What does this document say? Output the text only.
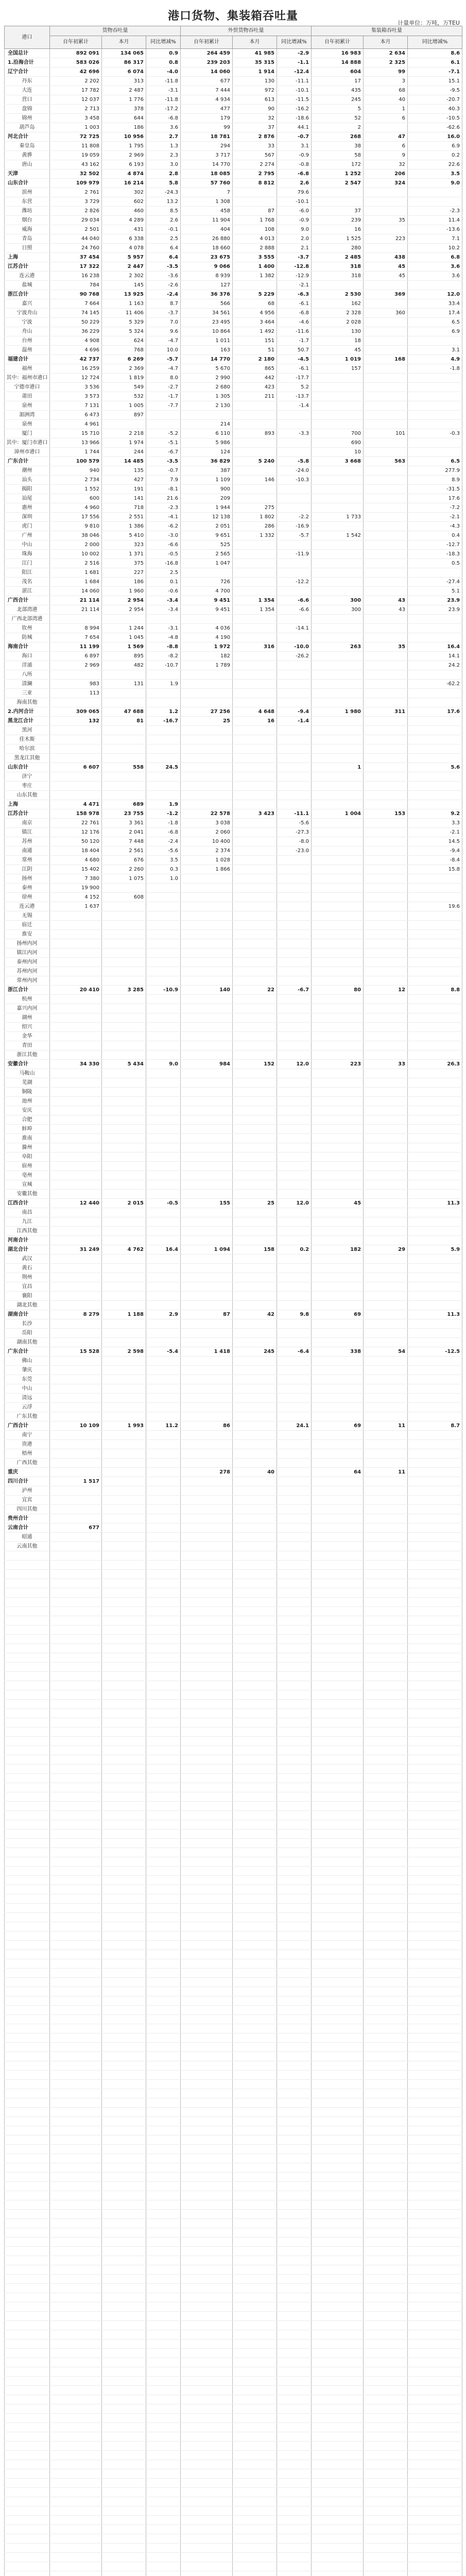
港口货物、集装箱吞吐量
计量单位：万吨，万TEU
港口	货物吞吐量			外贸货物吞吐量			集装箱吞吐量		
	自年初累计	本月	同比增减%	自年初累计	本月	同比增减%	自年初累计	本月	同比增减%
全国总计	892 091	134 065	0.9	264 459	41 985	-2.9	16 983	2 634	8.6
1.沿海合计	583 026	86 317	0.8	239 203	35 315	-1.1	14 888	2 325	6.1
辽宁合计	42 696	6 074	-4.0	14 060	1 914	-12.4	604	99	-7.1
丹东	2 202	313	-11.8	677	130	-11.1	17	3	15.1
大连	17 782	2 487	-3.1	7 444	972	-10.1	435	68	-9.5
营口	12 037	1 776	-11.8	4 934	613	-11.5	245	40	-20.7
盘锦	2 713	378	-17.2	477	90	-16.2	5	1	40.3
锦州	3 458	644	-6.8	179	32	-18.6	52	6	-10.5
葫芦岛	1 003	186	3.6	99	37	44.1	2		-62.6
河北合计	72 725	10 956	2.7	18 781	2 876	-0.7	268	47	16.0
秦皇岛	11 808	1 795	1.3	294	33	3.1	38	6	6.9
黄骅	19 059	2 969	2.3	3 717	567	-0.9	58	9	0.2
唐山	43 162	6 193	3.0	14 770	2 274	-0.8	172	32	22.6
天津	32 502	4 874	2.8	18 085	2 795	-6.8	1 252	206	3.5
山东合计	109 979	16 214	5.8	57 760	8 812	2.6	2 547	324	9.0
滨州	2 761	302	-24.3	7		79.6			
东营	3 729	602	13.2	1 308		-10.1			
潍坊	2 826	460	8.5	458	87	-6.0	37		-2.3
烟台	29 034	4 289	2.6	11 904	1 768	-0.9	239	35	11.4
威海	2 501	431	-0.1	404	108	9.0	16		-13.6
青岛	44 040	6 338	2.5	26 880	4 013	2.0	1 525	223	7.1
日照	24 760	4 078	6.4	18 660	2 888	2.1	280		10.2
上海	37 454	5 957	6.4	23 675	3 555	-3.7	2 485	438	6.8
江苏合计	17 322	2 447	-3.5	9 066	1 400	-12.8	318	45	3.6
连云港	16 238	2 302	-3.6	8 939	1 382	-12.9	318	45	3.6
盐城	784	145	-2.6	127		-2.1			
浙江合计	90 768	13 925	-2.4	36 376	5 229	-6.3	2 530	369	12.0
嘉兴	7 664	1 163	8.7	566	68	-6.1	162		33.4
宁波舟山	74 145	11 406	-3.7	34 561	4 956	-6.8	2 328	360	17.4
宁波	50 229	5 329	7.0	23 495	3 464	-4.6	2 028		6.5
舟山	36 229	5 324	9.6	10 864	1 492	-11.6	130		6.9
台州	4 908	624	-4.7	1 011	151	-1.7	18		
温州	4 696	768	10.0	163	51	50.7	45		3.1
福建合计	42 737	6 269	-5.7	14 770	2 180	-4.5	1 019	168	4.9
福州	16 259	2 369	-4.7	5 670	865	-6.1	157		-1.8
其中：福州市港口	12 724	1 819	8.0	2 990	442	-17.7			
宁德市港口	3 536	549	-2.7	2 680	423	5.2			
莆田	3 573	532	-1.7	1 305	211	-13.7			
泉州	7 131	1 005	-7.7	2 130		-1.4			
湄洲湾	6 473	897							
泉州	4 961			214					
厦门	15 710	2 218	-5.2	6 110	893	-3.3	700	101	-0.3
其中：厦门市港口	13 966	1 974	-5.1	5 986			690		
漳州市港口	1 744	244	-6.7	124			10		
广东合计	100 579	14 485	-3.5	36 829	5 240	-5.8	3 668	563	6.5
潮州	940	135	-0.7	387		-24.0			277.9
汕头	2 734	427	7.9	1 109	146	-10.3			8.9
揭阳	1 552	191	-8.1	900					-31.5
汕尾	600	141	21.6	209					17.6
惠州	4 960	718	-2.3	1 944	275				-7.2
深圳	17 556	2 551	-4.1	12 138	1 802	-2.2	1 733		-2.1
虎门	9 810	1 386	-6.2	2 051	286	-16.9			-4.3
广州	38 046	5 410	-3.0	9 651	1 332	-5.7	1 542		0.4
中山	2 000	323	-6.6	525					-12.7
珠海	10 002	1 371	-0.5	2 565		-11.9			-18.3
江门	2 516	375	-16.8	1 047					0.5
阳江	1 681	227	2.5						
茂名	1 684	186	0.1	726		-12.2			-27.4
湛江	14 060	1 960	-0.6	4 700					5.1
广西合计	21 114	2 954	-3.4	9 451	1 354	-6.6	300	43	23.9
北部湾港	21 114	2 954	-3.4	9 451	1 354	-6.6	300	43	23.9
广西北部湾港									
钦州	8 994	1 244	-3.1	4 036		-14.1			
防城	7 654	1 045	-4.8	4 190					
海南合计	11 199	1 569	-8.8	1 972	316	-10.0	263	35	16.4
海口	6 897	895	-8.2	182		-26.2			14.1
洋浦	2 969	482	-10.7	1 789					24.2
八所									
清澜	983	131	1.9						-62.2
三亚	113								
海南其他									
2.内河合计	309 065	47 688	1.2	27 256	4 648	-9.4	1 980	311	17.6
黑龙江合计	132	81	-16.7	25	16	-1.4			
黑河									
佳木斯									
哈尔滨									
黑龙江其他									
山东合计	6 607	558	24.5				1		5.6
济宁									
枣庄									
山东其他									
上海	4 471	689	1.9						
江苏合计	158 978	23 755	-1.2	22 578	3 423	-11.1	1 004	153	9.2
南京	22 761	3 361	-1.8	3 038		-5.6			3.3
镇江	12 176	2 041	-6.8	2 060		-27.3			-2.1
苏州	50 120	7 448	-2.4	10 400		-8.0			14.5
南通	18 404	2 561	-5.6	2 374		-23.0			-9.4
常州	4 680	676	3.5	1 028					-8.4
江阴	15 402	2 260	0.3	1 866					15.8
扬州	7 380	1 075	1.0						
泰州	19 900								
徐州	4 152	608							
连云港	1 637								19.6
无锡									
宿迁									
淮安									
扬州内河									
镇江内河									
泰州内河									
苏州内河									
常州内河									
浙江合计	20 410	3 285	-10.9	140	22	-6.7	80	12	8.8
杭州									
嘉兴内河									
湖州									
绍兴									
金华									
青田									
浙江其他									
安徽合计	34 330	5 434	9.0	984	152	12.0	223	33	26.3
马鞍山									
芜湖									
铜陵									
池州									
安庆									
合肥									
蚌埠									
淮南									
滁州									
阜阳									
宿州									
亳州									
宣城									
安徽其他									
江西合计	12 440	2 015	-0.5	155	25	12.0	45		11.3
南昌									
九江									
江西其他									
河南合计									
湖北合计	31 249	4 762	16.4	1 094	158	0.2	182	29	5.9
武汉									
黄石									
荆州									
宜昌									
襄阳									
湖北其他									
湖南合计	8 279	1 188	2.9	87	42	9.8	69		11.3
长沙									
岳阳									
湖南其他									
广东合计	15 528	2 598	-5.4	1 418	245	-6.4	338	54	-12.5
佛山									
肇庆									
东莞									
中山									
清远									
云浮									
广东其他									
广西合计	10 109	1 993	11.2	86		24.1	69	11	8.7
南宁									
贵港									
梧州									
广西其他									
重庆				278	40		64	11	
四川合计	1 517								
泸州									
宜宾									
四川其他									
贵州合计									
云南合计	677								
昭通									
云南其他									
